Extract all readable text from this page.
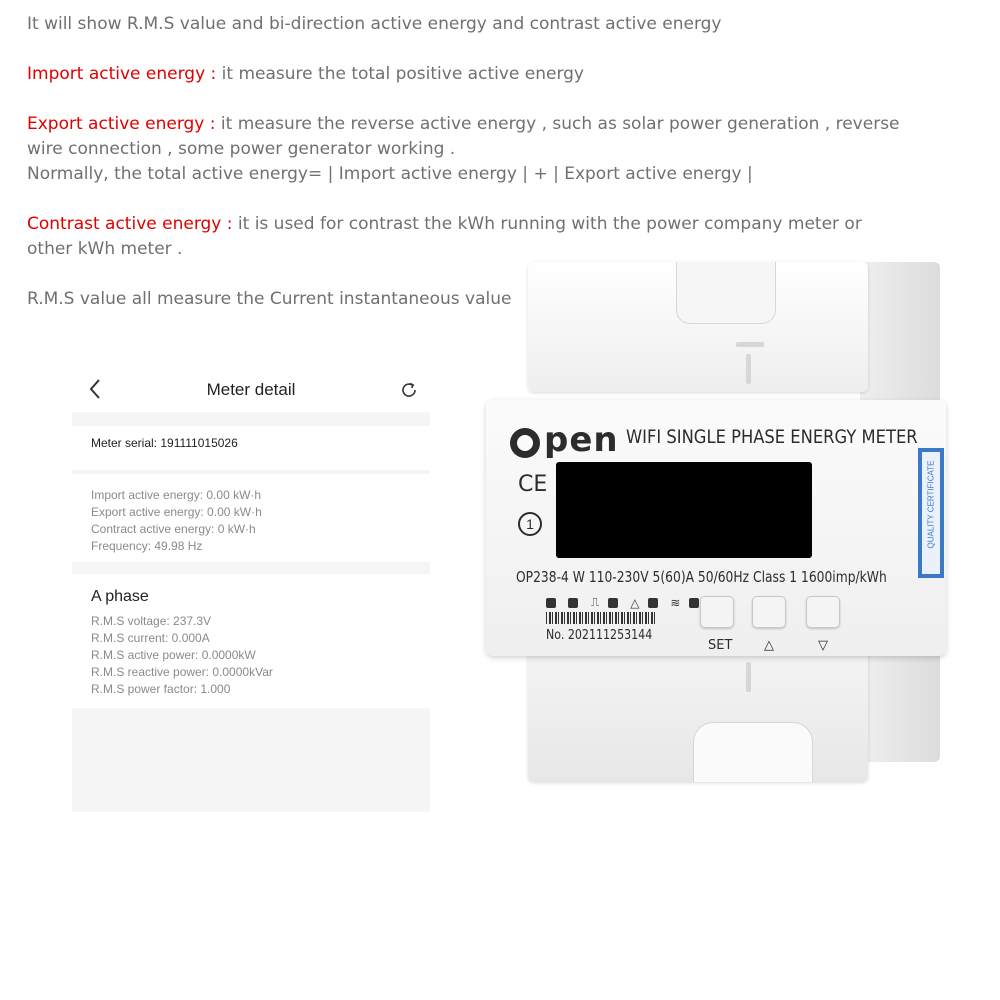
It will show R.M.S value and bi-direction active energy and contrast active energy

Import active energy : it measure the total positive active energy

Export active energy : it measure the reverse active energy , such as solar power generation , reverse

wire connection , some power generator working .

Normally, the total active energy= | Import active energy | + | Export active energy |

Contrast active energy : it is used for contrast the kWh running with the power company meter or

other kWh meter .

R.M.S value all measure the Current instantaneous value

Meter detail
Meter serial: 191111015026
Import active energy: 0.00 kW·h
Export active energy: 0.00 kW·h
Contract active energy: 0 kW·h
Frequency: 49.98 Hz
A phase
R.M.S voltage: 237.3V
R.M.S current: 0.000A
R.M.S active power: 0.0000kW
R.M.S reactive power: 0.0000kVar
R.M.S power factor: 1.000
pen WIFI SINGLE PHASE ENERGY METER
CE
1
OP238-4 W 110-230V 5(60)A 50/60Hz Class 1 1600imp/kWh
⎍	△	≋
No. 202111253144
SET △	▽
QUALITY CERTIFICATE
